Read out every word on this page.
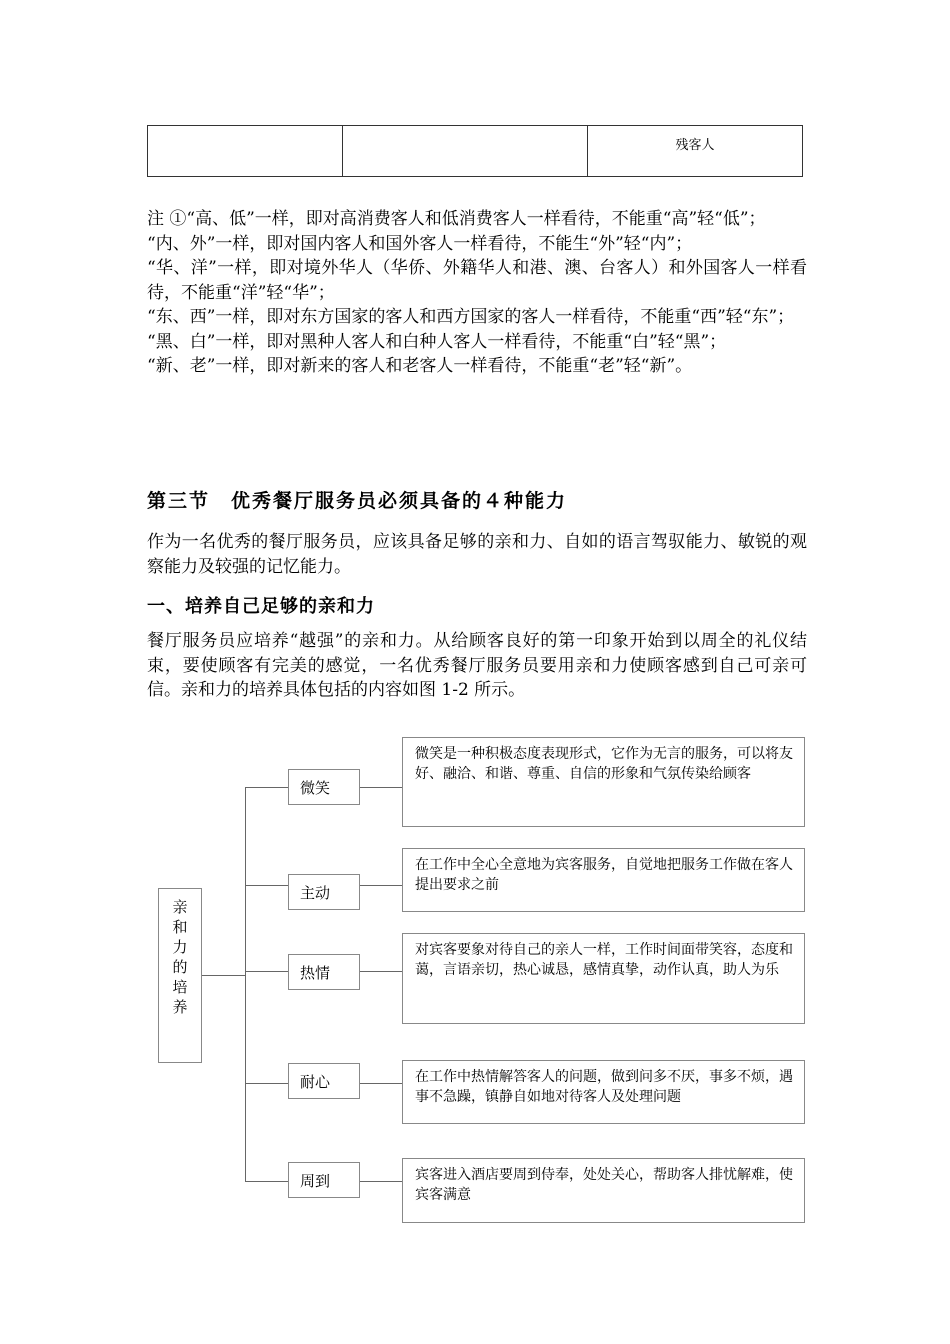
残客人

注 ①“高、低”一样，即对高消费客人和低消费客人一样看待，不能重“高”轻“低”；

“内、外”一样，即对国内客人和国外客人一样看待，不能生“外”轻“内”；

“华、洋”一样，即对境外华人（华侨、外籍华人和港、澳、台客人）和外国客人一样看待，不能重“洋”轻“华”；

“东、西”一样，即对东方国家的客人和西方国家的客人一样看待，不能重“西”轻“东”；

“黑、白”一样，即对黑种人客人和白种人客人一样看待，不能重“白”轻“黑”；

“新、老”一样，即对新来的客人和老客人一样看待，不能重“老”轻“新”。

第三节　优秀餐厅服务员必须具备的４种能力
作为一名优秀的餐厅服务员，应该具备足够的亲和力、自如的语言驾驭能力、敏锐的观察能力及较强的记忆能力。
一、培养自己足够的亲和力
餐厅服务员应培养“越强”的亲和力。从给顾客良好的第一印象开始到以周全的礼仪结束，要使顾客有完美的感觉，一名优秀餐厅服务员要用亲和力使顾客感到自己可亲可信。亲和力的培养具体包括的内容如图 1-2 所示。
亲和力的培养
微笑
主动
热情
耐心
周到
微笑是一种积极态度表现形式，它作为无言的服务，可以将友好、融洽、和谐、尊重、自信的形象和气氛传染给顾客
在工作中全心全意地为宾客服务，自觉地把服务工作做在客人提出要求之前
对宾客要象对待自己的亲人一样，工作时间面带笑容，态度和蔼，言语亲切，热心诚恳，感情真挚，动作认真，助人为乐
在工作中热情解答客人的问题，做到问多不厌，事多不烦，遇事不急躁，镇静自如地对待客人及处理问题
宾客进入酒店要周到侍奉，处处关心，帮助客人排忧解难，使宾客满意
